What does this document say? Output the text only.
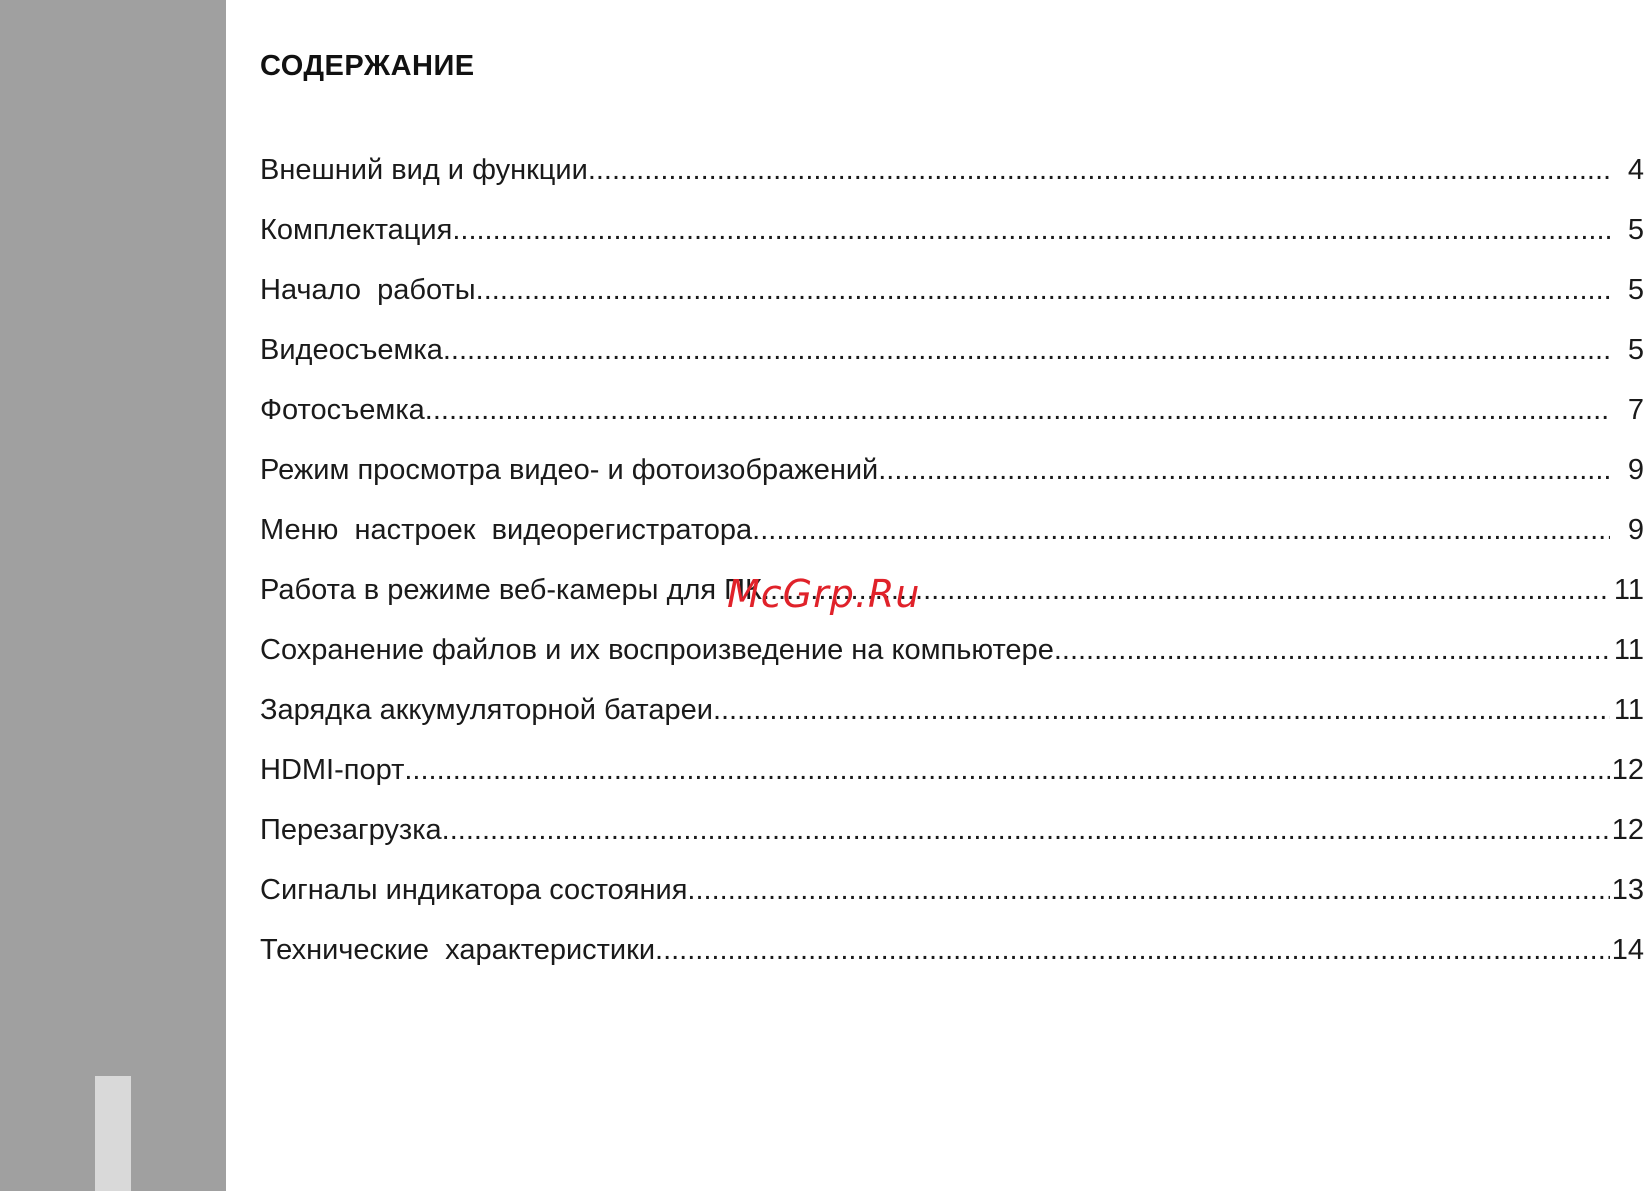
СОДЕРЖАНИЕ
Внешний вид и функции .....	4
Комплектация .....	5
Начало  работы .....	5
Видеосъемка .....	5
Фотосъемка .....	7
Режим просмотра видео- и фотоизображений .....	9
Меню  настроек  видеорегистратора .....	9
Работа в режиме веб-камеры для ПК .....	11
Сохранение файлов и их воспроизведение на компьютере .....	11
Зарядка аккумуляторной батареи .....	11
HDMI-порт .....	12
Перезагрузка .....	12
Сигналы индикатора состояния .....	13
Технические  характеристики .....	14
McGrp.Ru
